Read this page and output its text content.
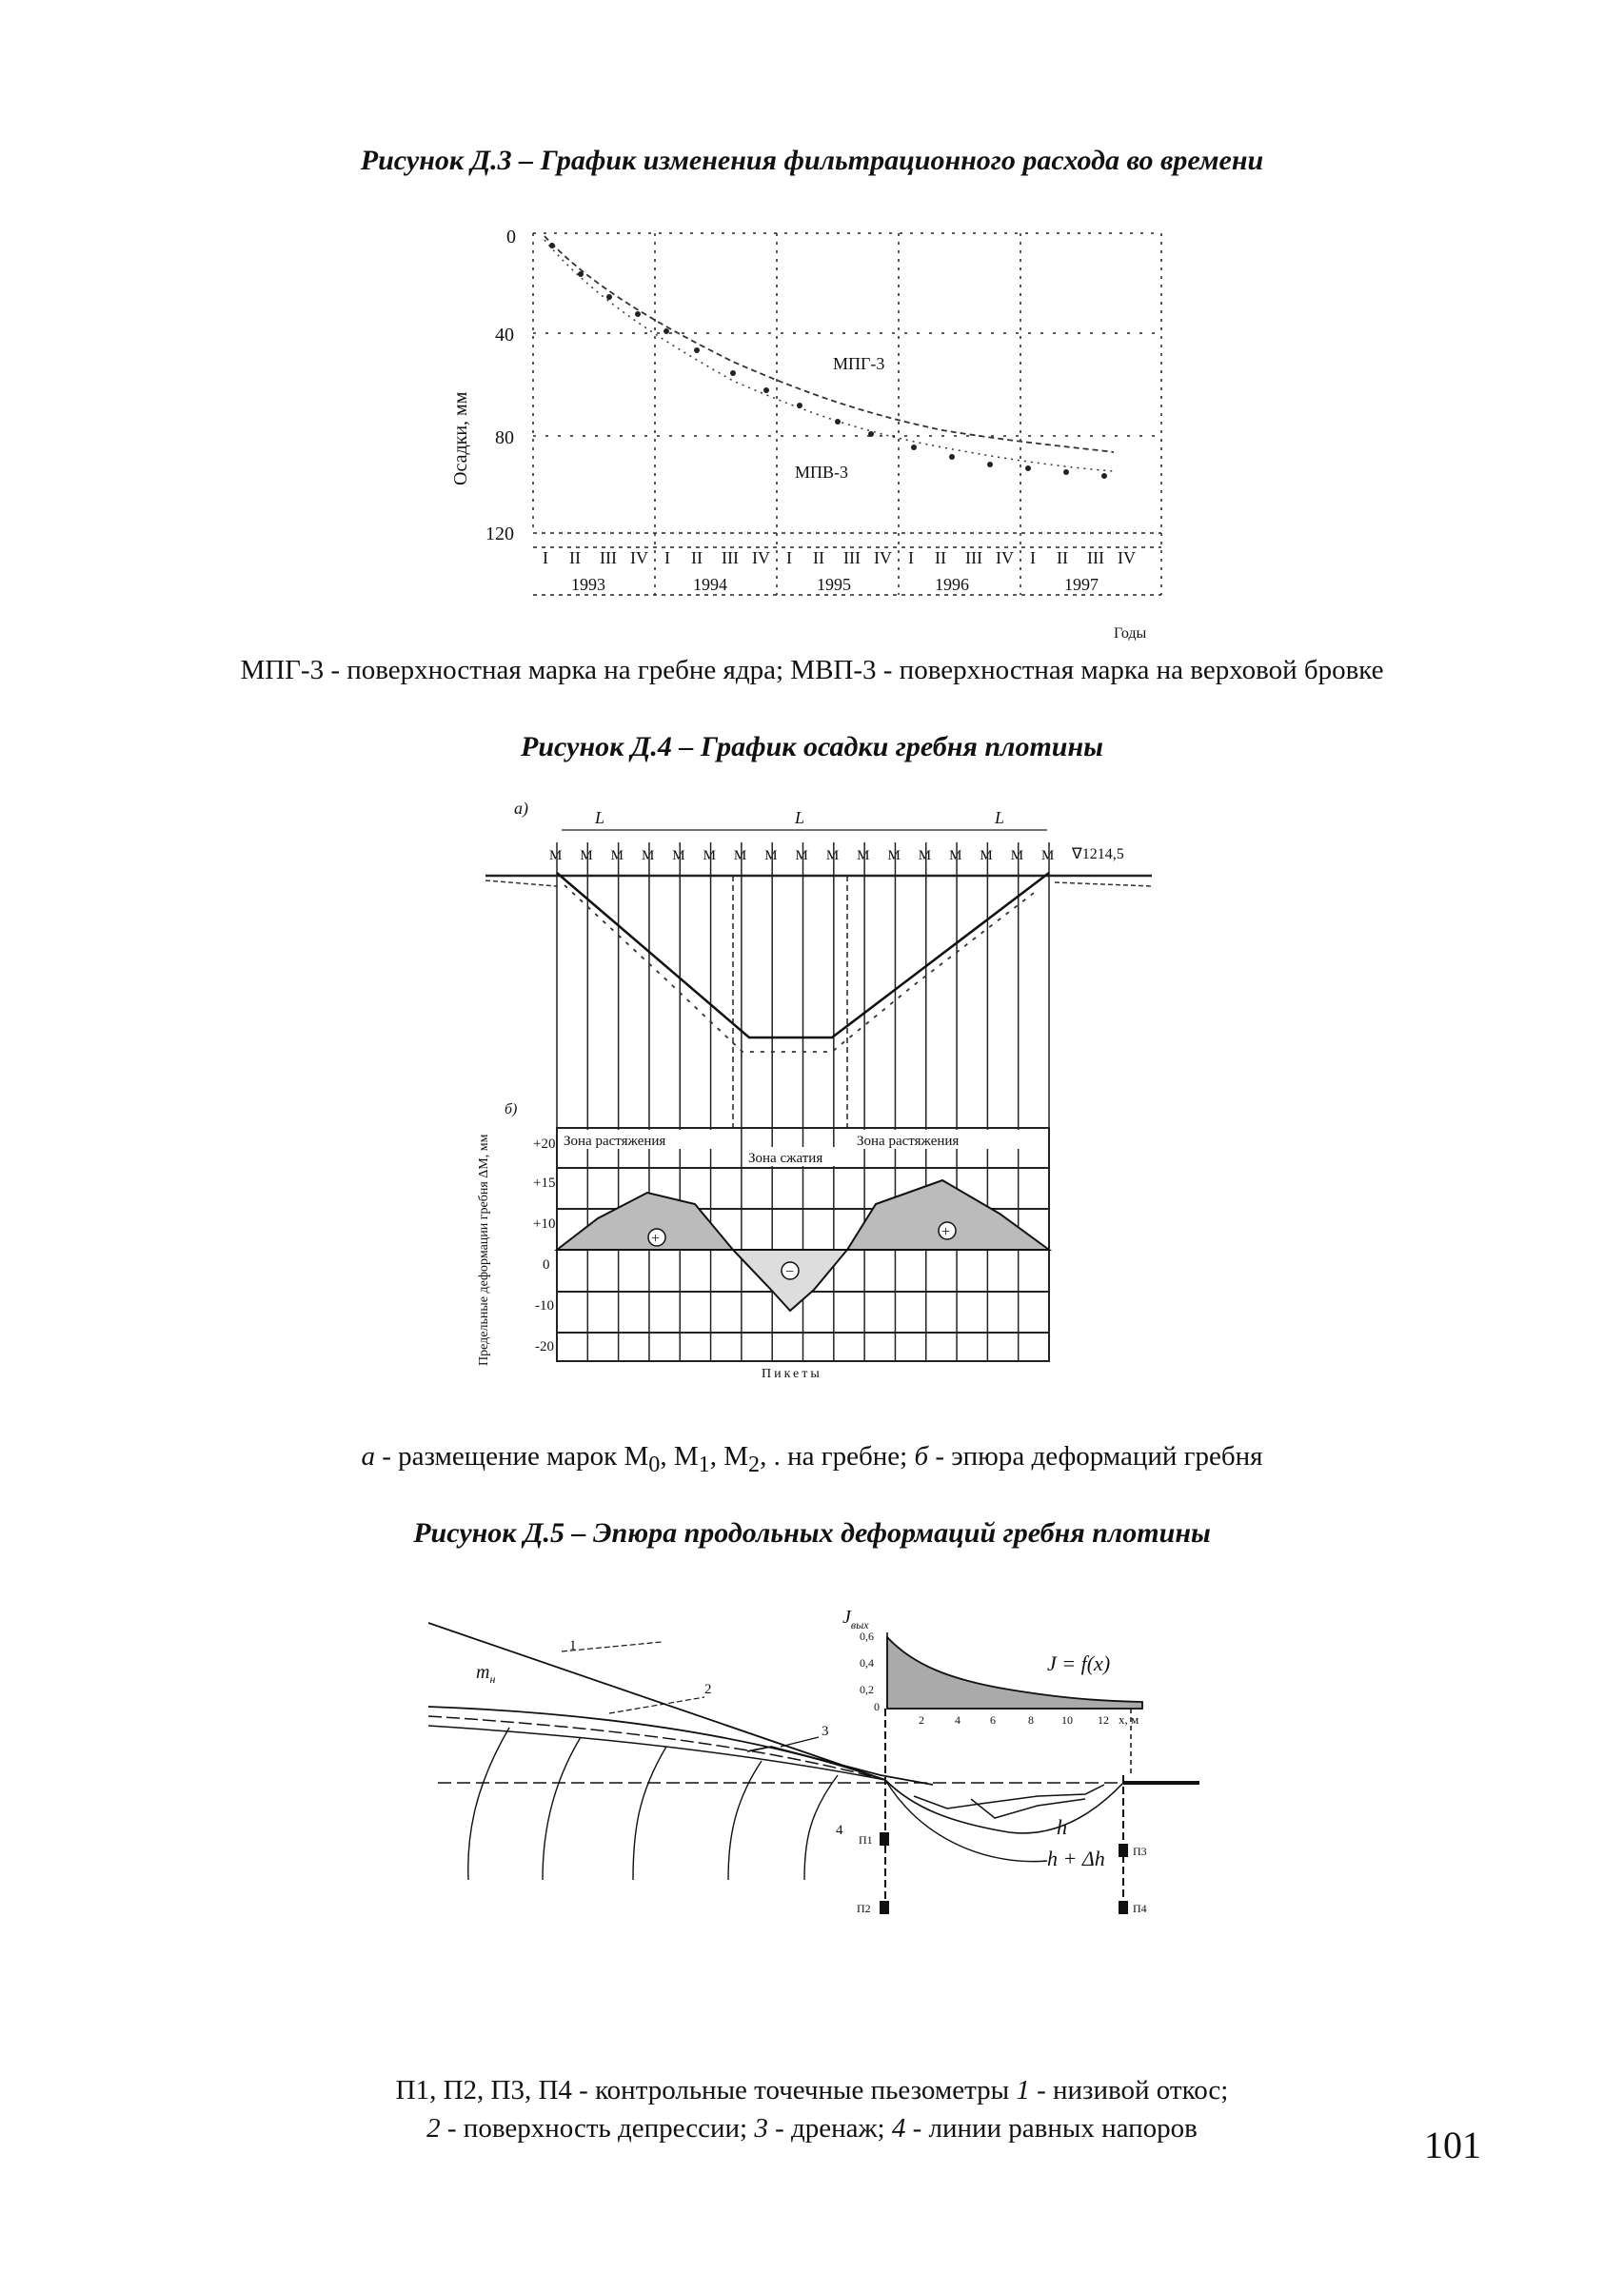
Рисунок Д.3 – График изменения фильтрационного расхода во времени
0
40
80
120
Осадки, мм
МПГ-3
МПВ-3
I II III IV I II III IV I II III IV I II III IV I II III IV
1993	1994	1995	1996	1997
Годы
МПГ-3 - поверхностная марка на гребне ядра; МВП-3 - поверхностная марка на верховой бровке
Рисунок Д.4 – График осадки гребня плотины
а)	L	L	L
M M M M M M M M M M M M M M M M M ∇1214,5
б)
Предельные деформации гребня ΔM, мм	+20
+15
+10
0
-10
-20
Зона растяжения
Зона сжатия
Зона растяжения
+	+
−
Пикеты
а - размещение марок $M_0$, $M_1$, $M_2$, . на гребне; б - эпюра деформаций гребня
Рисунок Д.5 – Эпюра продольных деформаций гребня плотины
$J_{вых}$
0,6
0,4
0,2
0
2	4	6	8 10 12 x, м
J = f(x)
1
2
3
4
$m_н$
h
h + Δh
П1
П2
П3
П4
П1, П2, П3, П4 - контрольные точечные пьезометры 1 - низивой откос;
2 - поверхность депрессии; 3 - дренаж; 4 - линии равных напоров	101
